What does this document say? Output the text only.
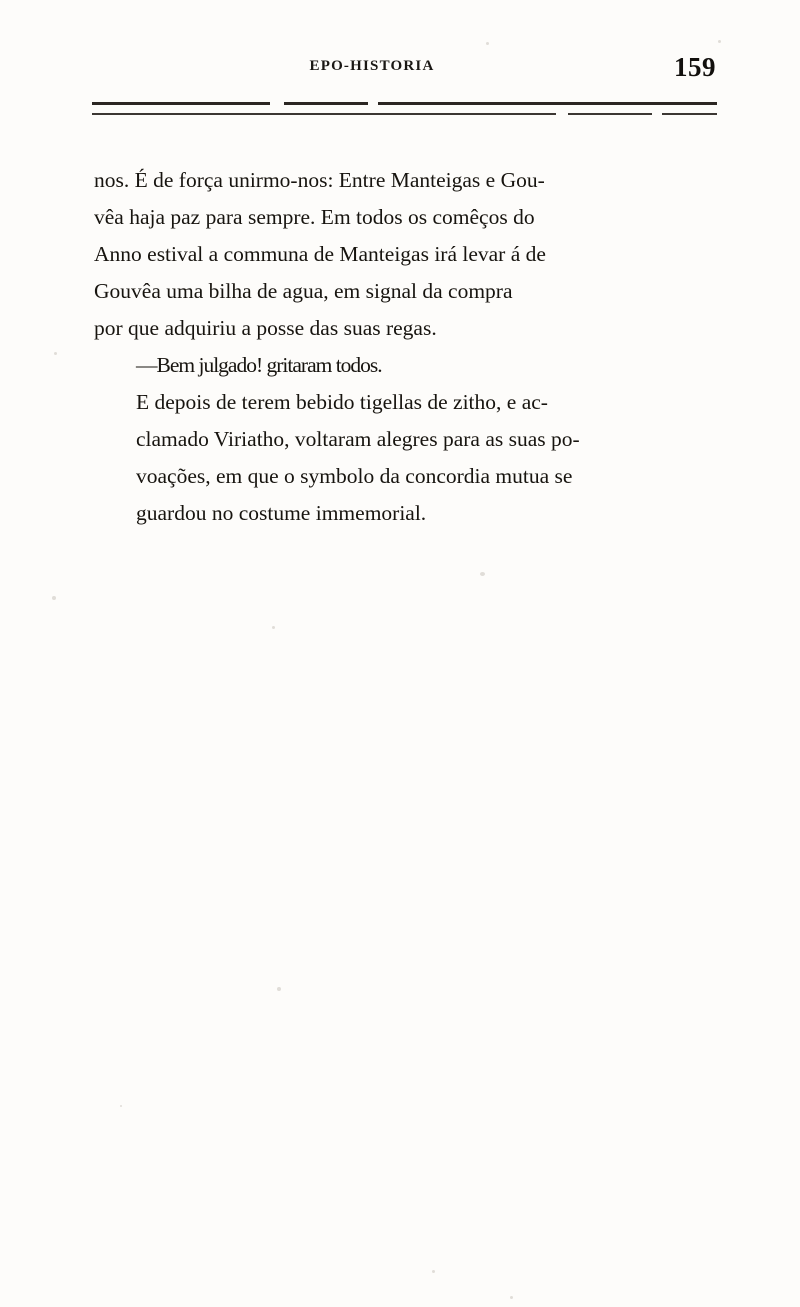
EPO-HISTORIA	159

nos. É de força unirmo-nos: Entre Manteigas e Gou-
vêa haja paz para sempre. Em todos os comêços do
Anno estival a communa de Manteigas irá levar á de
Gouvêa uma bilha de agua, em signal da compra
por que adquiriu a posse das suas regas.

—Bem julgado! gritaram todos.

E depois de terem bebido tigellas de zitho, e ac-
clamado Viriatho, voltaram alegres para as suas po-
voações, em que o symbolo da concordia mutua se
guardou no costume immemorial.
